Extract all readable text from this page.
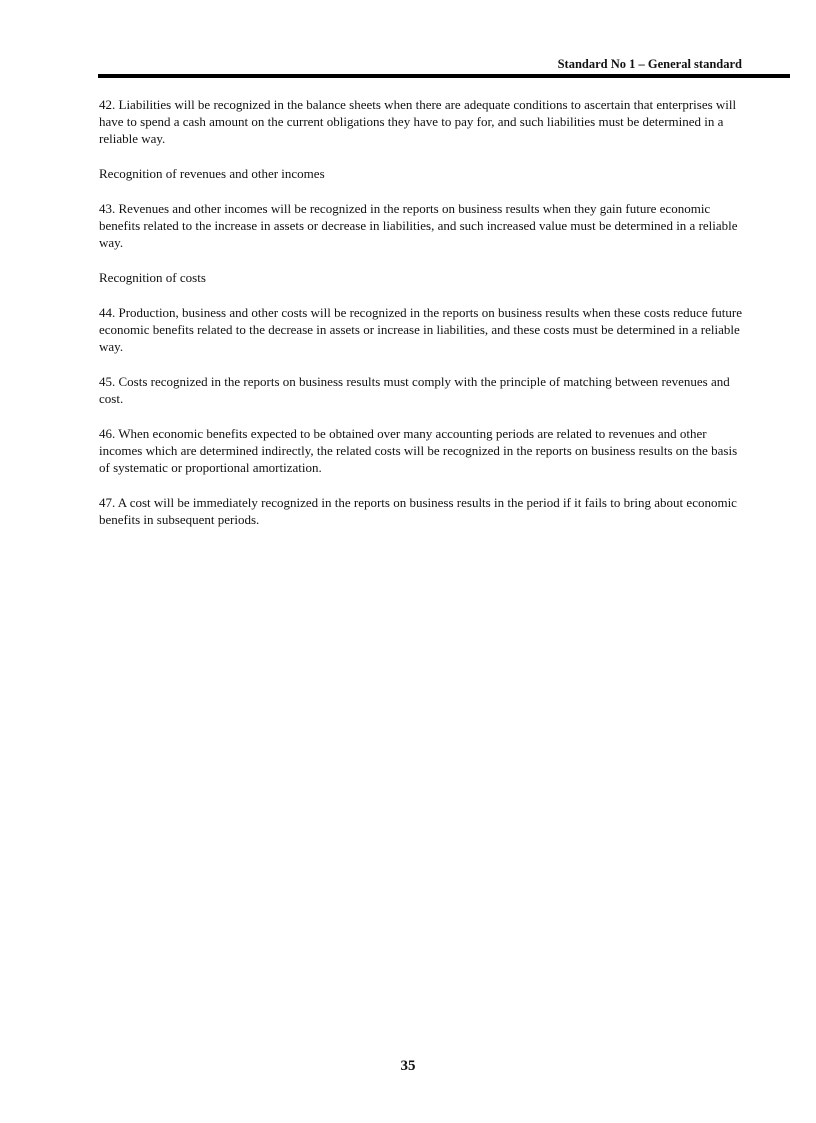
Standard No 1 – General standard

42. Liabilities will be recognized in the balance sheets when there are adequate conditions to ascertain that enterprises will have to spend a cash amount on the current obligations they have to pay for, and such liabilities must be determined in a reliable way.

Recognition of revenues and other incomes

43. Revenues and other incomes will be recognized in the reports on business results when they gain future economic benefits related to the increase in assets or decrease in liabilities, and such increased value must be determined in a reliable way.

Recognition of costs

44. Production, business and other costs will be recognized in the reports on business results when these costs reduce future economic benefits related to the decrease in assets or increase in liabilities, and these costs must be determined in a reliable way.

45. Costs recognized in the reports on business results must comply with the principle of matching between revenues and cost.

46. When economic benefits expected to be obtained over many accounting periods are related to revenues and other incomes which are determined indirectly, the related costs will be recognized in the reports on business results on the basis of systematic or proportional amortization.

47. A cost will be immediately recognized in the reports on business results in the period if it fails to bring about economic benefits in subsequent periods.

35
